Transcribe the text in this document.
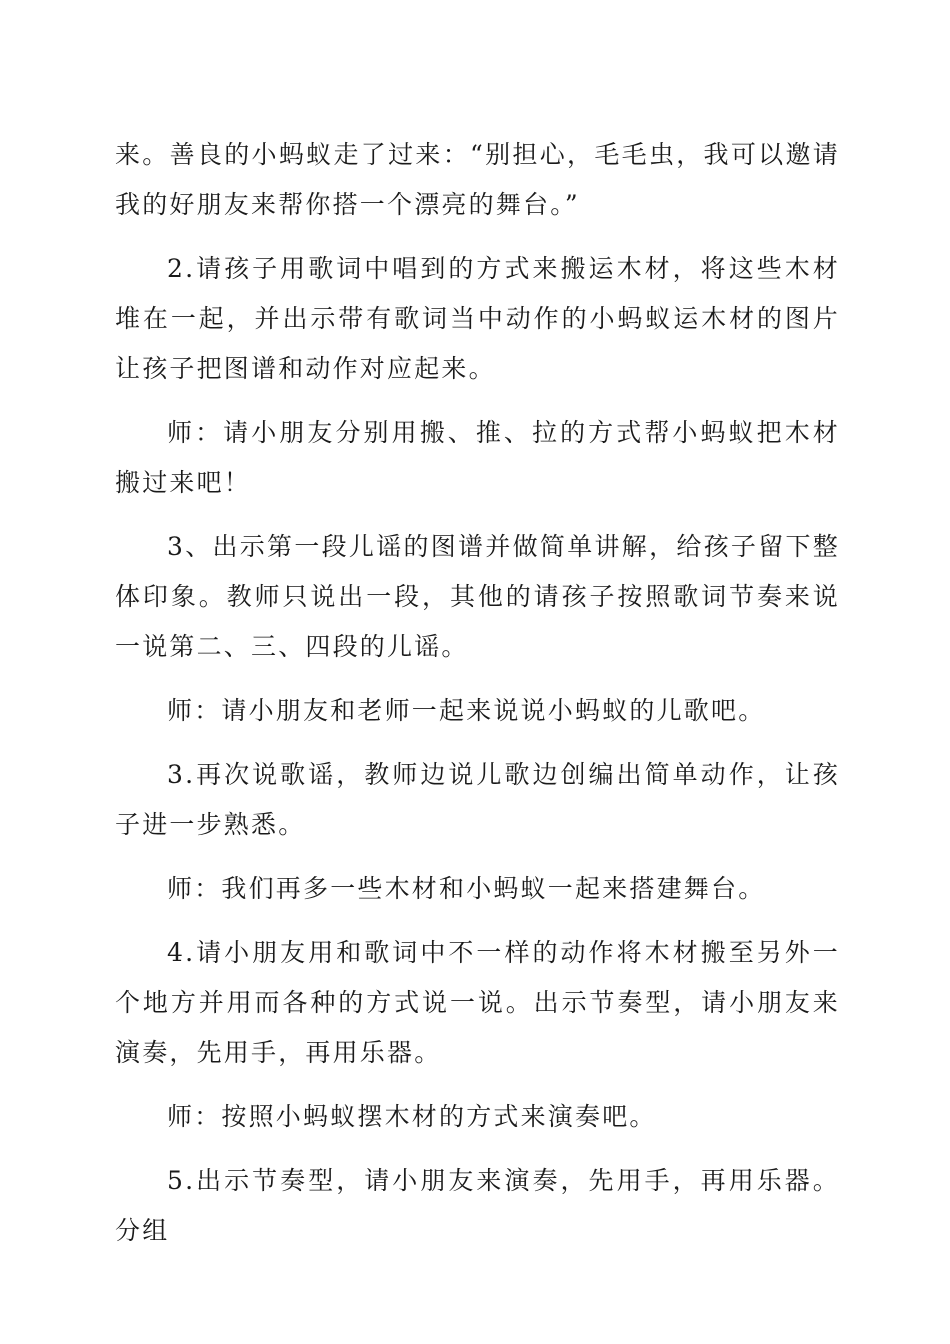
来。善良的小蚂蚁走了过来：“别担心，毛毛虫，我可以邀请我的好朋友来帮你搭一个漂亮的舞台。”

2.请孩子用歌词中唱到的方式来搬运木材，将这些木材堆在一起，并出示带有歌词当中动作的小蚂蚁运木材的图片让孩子把图谱和动作对应起来。

师：请小朋友分别用搬、推、拉的方式帮小蚂蚁把木材搬过来吧！

3、出示第一段儿谣的图谱并做简单讲解，给孩子留下整体印象。教师只说出一段，其他的请孩子按照歌词节奏来说一说第二、三、四段的儿谣。

师：请小朋友和老师一起来说说小蚂蚁的儿歌吧。

3.再次说歌谣，教师边说儿歌边创编出简单动作，让孩子进一步熟悉。

师：我们再多一些木材和小蚂蚁一起来搭建舞台。

4.请小朋友用和歌词中不一样的动作将木材搬至另外一个地方并用而各种的方式说一说。出示节奏型，请小朋友来演奏，先用手，再用乐器。

师：按照小蚂蚁摆木材的方式来演奏吧。

5.出示节奏型，请小朋友来演奏，先用手，再用乐器。分组
